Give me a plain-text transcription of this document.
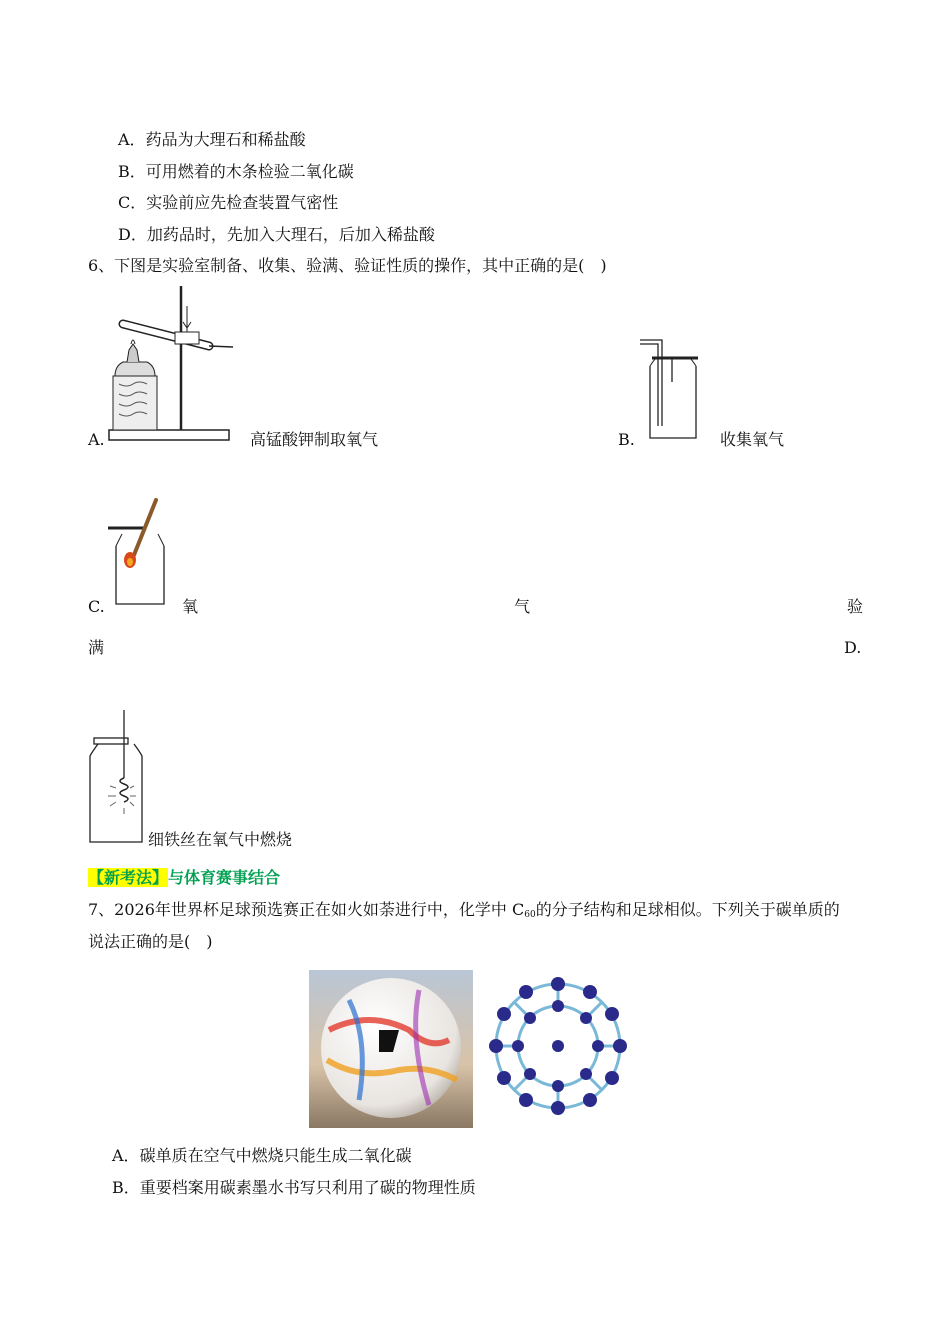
A．药品为大理石和稀盐酸
B．可用燃着的木条检验二氧化碳
C．实验前应先检查装置气密性
D．加药品时，先加入大理石，后加入稀盐酸
6、下图是实验室制备、收集、验满、验证性质的操作，其中正确的是(　)
A.	高锰酸钾制取氧气	B.	收集氧气
C.	氧	气	验
满	D.
细铁丝在氧气中燃烧
【新考法】与体育赛事结合
7、2026年世界杯足球预选赛正在如火如荼进行中，化学中 $C_{60}$的分子结构和足球相似。下列关于碳单质的
说法正确的是(　)
A．碳单质在空气中燃烧只能生成二氧化碳
B．重要档案用碳素墨水书写只利用了碳的物理性质
